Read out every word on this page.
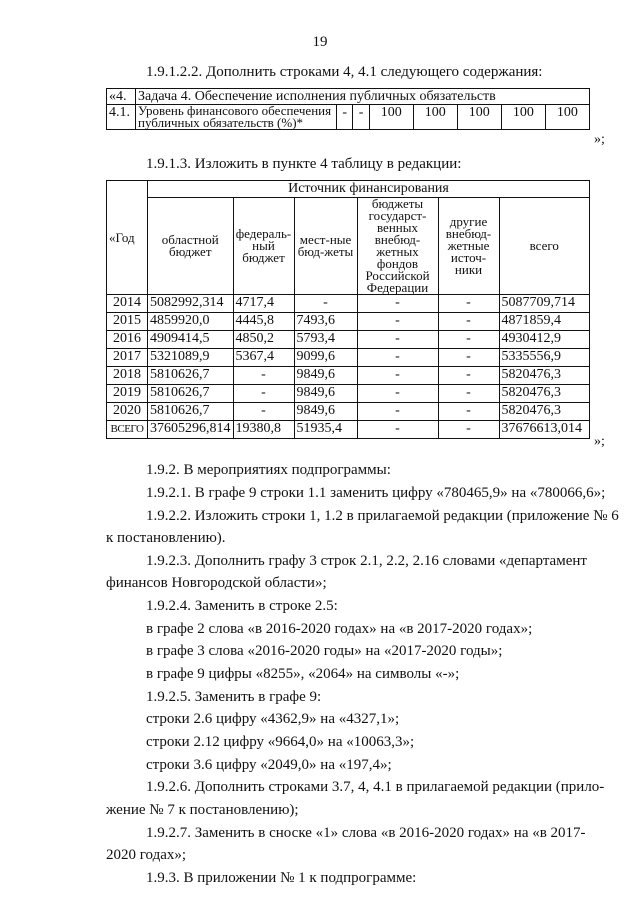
19
1.9.1.2.2. Дополнить строками 4, 4.1 следующего содержания:
«4.	Задача 4. Обеспечение исполнения публичных обязательств							
4.1.	Уровень финансового обеспечения публичных обязательств (%)*	-	-	100	100	100	100	100
»;
1.9.1.3. Изложить в пункте 4 таблицу в редакции:
«Год	Источник финансирования					
	областной бюджет	федераль-ный бюджет	мест-ные бюд-жеты	бюджеты государст-венных внебюд-жетных фондов Российской Федерации	другие внебюд-жетные источ-ники	всего
2014	5082992,314	4717,4	-	-	-	5087709,714
2015	4859920,0	4445,8	7493,6	-	-	4871859,4
2016	4909414,5	4850,2	5793,4	-	-	4930412,9
2017	5321089,9	5367,4	9099,6	-	-	5335556,9
2018	5810626,7	-	9849,6	-	-	5820476,3
2019	5810626,7	-	9849,6	-	-	5820476,3
2020	5810626,7	-	9849,6	-	-	5820476,3
ВСЕГО	37605296,814	19380,8	51935,4	-	-	37676613,014
»;
1.9.2. В мероприятиях подпрограммы:
1.9.2.1. В графе 9 строки 1.1 заменить цифру «780465,9» на «780066,6»;
1.9.2.2. Изложить строки 1, 1.2 в прилагаемой редакции (приложение № 6
к постановлению).
1.9.2.3. Дополнить графу 3 строк 2.1, 2.2, 2.16 словами «департамент
финансов Новгородской области»;
1.9.2.4. Заменить в строке 2.5:
в графе 2 слова «в 2016-2020 годах» на «в 2017-2020 годах»;
в графе 3 слова «2016-2020 годы» на «2017-2020 годы»;
в графе 9 цифры «8255», «2064» на символы «-»;
1.9.2.5. Заменить в графе 9:
строки 2.6 цифру «4362,9» на «4327,1»;
строки 2.12 цифру «9664,0» на «10063,3»;
строки 3.6 цифру «2049,0» на «197,4»;
1.9.2.6. Дополнить строками 3.7, 4, 4.1 в прилагаемой редакции (прило-
жение № 7 к постановлению);
1.9.2.7. Заменить в сноске «1» слова «в 2016-2020 годах» на «в 2017-
2020 годах»;
1.9.3. В приложении № 1 к подпрограмме:
